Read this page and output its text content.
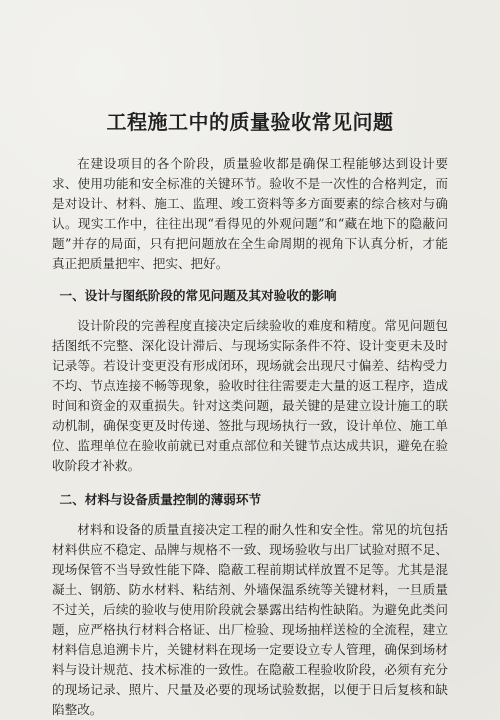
工程施工中的质量验收常见问题

在建设项目的各个阶段，质量验收都是确保工程能够达到设计要求、使用功能和安全标准的关键环节。验收不是一次性的合格判定，而是对设计、材料、施工、监理、竣工资料等多方面要素的综合核对与确认。现实工作中，往往出现“看得见的外观问题”和“藏在地下的隐蔽问题”并存的局面，只有把问题放在全生命周期的视角下认真分析，才能真正把质量把牢、把实、把好。

一、设计与图纸阶段的常见问题及其对验收的影响

设计阶段的完善程度直接决定后续验收的难度和精度。常见问题包括图纸不完整、深化设计滞后、与现场实际条件不符、设计变更未及时记录等。若设计变更没有形成闭环，现场就会出现尺寸偏差、结构受力不均、节点连接不畅等现象，验收时往往需要走大量的返工程序，造成时间和资金的双重损失。针对这类问题，最关键的是建立设计施工的联动机制，确保变更及时传递、签批与现场执行一致，设计单位、施工单位、监理单位在验收前就已对重点部位和关键节点达成共识，避免在验收阶段才补救。

二、材料与设备质量控制的薄弱环节

材料和设备的质量直接决定工程的耐久性和安全性。常见的坑包括材料供应不稳定、品牌与规格不一致、现场验收与出厂试验对照不足、现场保管不当导致性能下降、隐蔽工程前期试样放置不足等。尤其是混凝土、钢筋、防水材料、粘结剂、外墙保温系统等关键材料，一旦质量不过关，后续的验收与使用阶段就会暴露出结构性缺陷。为避免此类问题，应严格执行材料合格证、出厂检验、现场抽样送检的全流程，建立材料信息追溯卡片，关键材料在现场一定要设立专人管理，确保到场材料与设计规范、技术标准的一致性。在隐蔽工程验收阶段，必须有充分的现场记录、照片、尺量及必要的现场试验数据，以便于日后复核和缺陷整改。
